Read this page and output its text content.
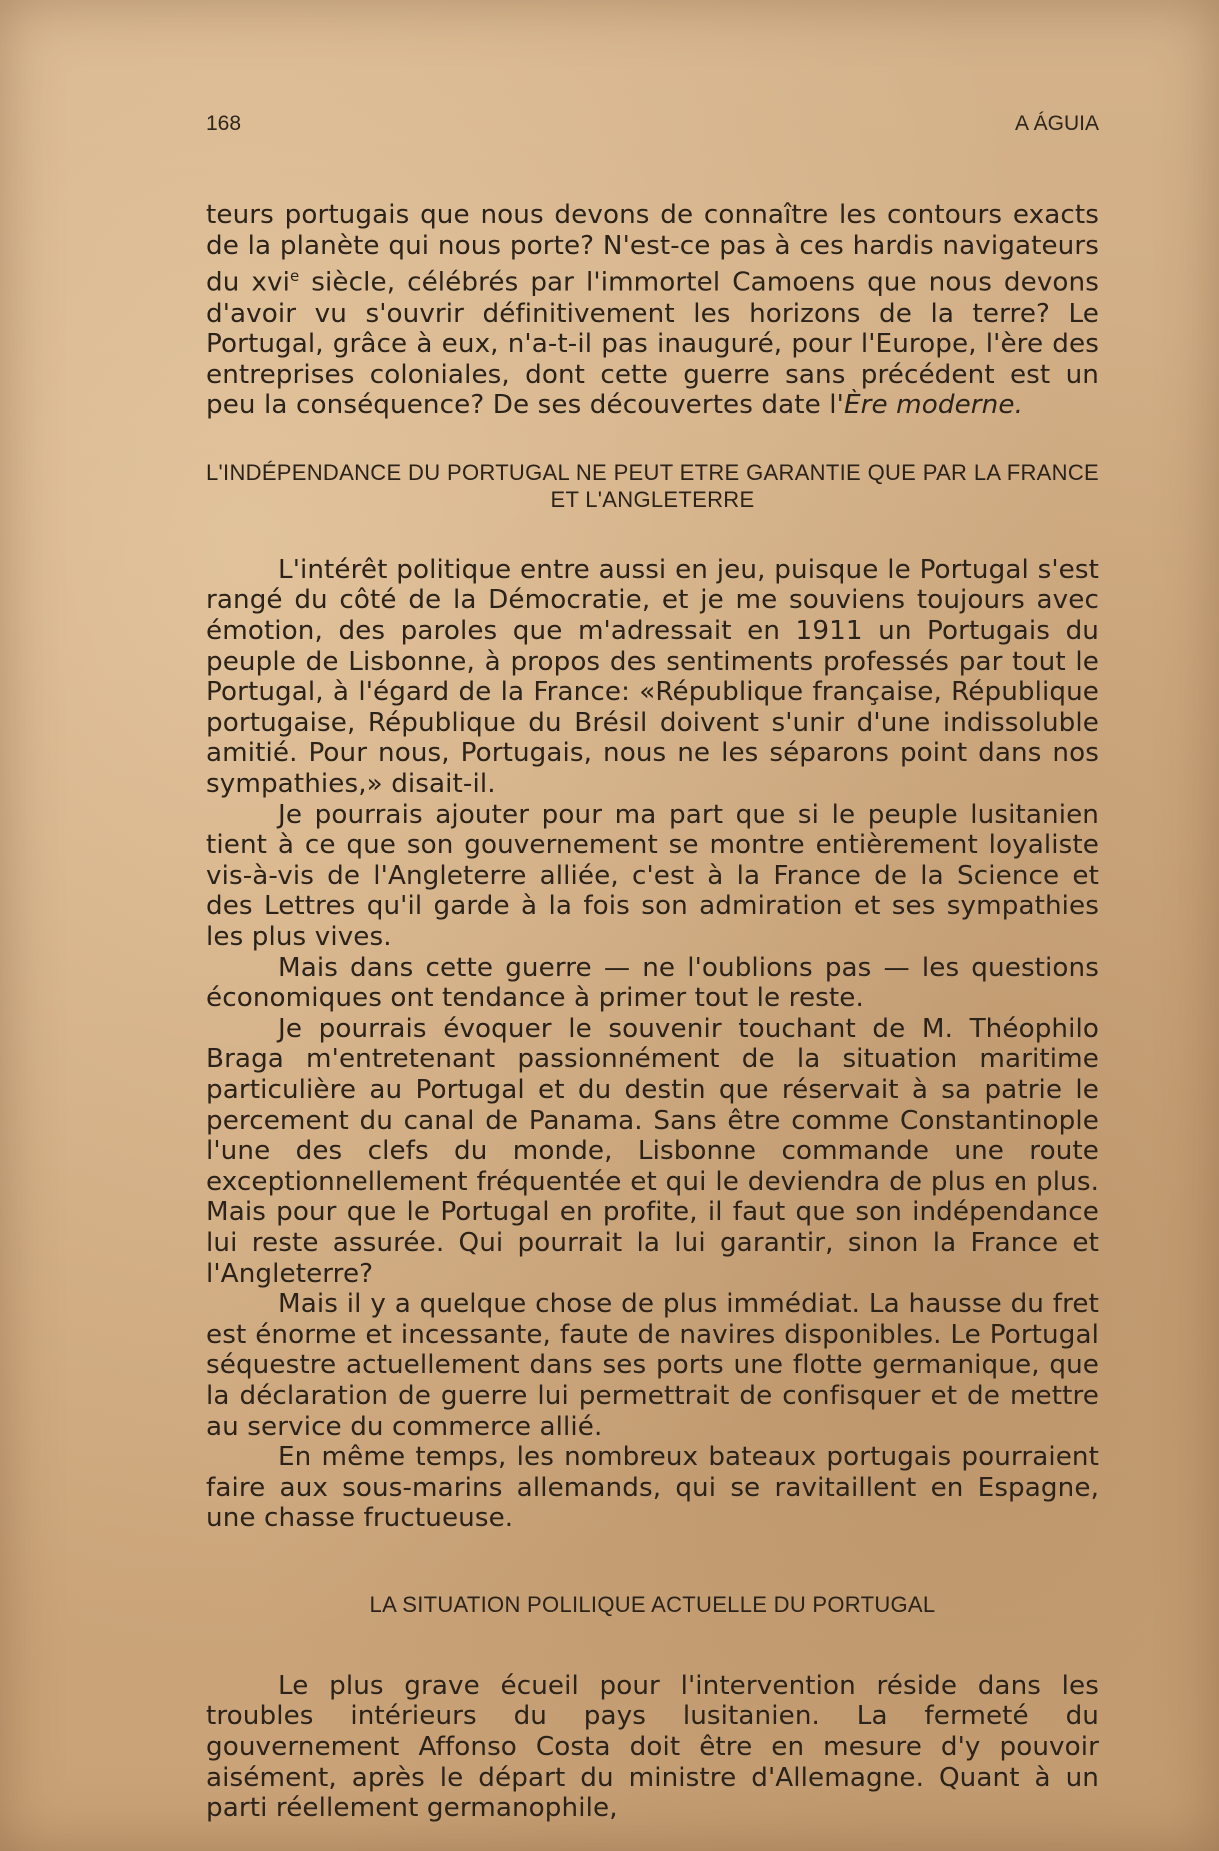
168	A ÁGUIA

teurs portugais que nous devons de connaître les contours exacts de la planète qui nous porte? N'est-ce pas à ces hardis navigateurs du xvi$^e$ siècle, célébrés par l'immortel Camoens que nous devons d'avoir vu s'ouvrir définitivement les horizons de la terre? Le Portugal, grâce à eux, n'a-t-il pas inauguré, pour l'Europe, l'ère des entreprises coloniales, dont cette guerre sans précédent est un peu la conséquence? De ses découvertes date l'Ère moderne.

L'INDÉPENDANCE DU PORTUGAL NE PEUT ETRE GARANTIE QUE PAR LA FRANCE ET L'ANGLETERRE

L'intérêt politique entre aussi en jeu, puisque le Portugal s'est rangé du côté de la Démocratie, et je me souviens toujours avec émotion, des paroles que m'adressait en 1911 un Portugais du peuple de Lisbonne, à propos des sentiments professés par tout le Portugal, à l'égard de la France: «République française, République portugaise, République du Brésil doivent s'unir d'une indissoluble amitié. Pour nous, Portugais, nous ne les séparons point dans nos sympathies,» disait-il.

Je pourrais ajouter pour ma part que si le peuple lusitanien tient à ce que son gouvernement se montre entièrement loyaliste vis-à-vis de l'Angleterre alliée, c'est à la France de la Science et des Lettres qu'il garde à la fois son admiration et ses sympathies les plus vives.

Mais dans cette guerre — ne l'oublions pas — les questions économiques ont tendance à primer tout le reste.

Je pourrais évoquer le souvenir touchant de M. Théophilo Braga m'entretenant passionnément de la situation maritime particulière au Portugal et du destin que réservait à sa patrie le percement du canal de Panama. Sans être comme Constantinople l'une des clefs du monde, Lisbonne commande une route exceptionnellement fréquentée et qui le deviendra de plus en plus. Mais pour que le Portugal en profite, il faut que son indépendance lui reste assurée. Qui pourrait la lui garantir, sinon la France et l'Angleterre?

Mais il y a quelque chose de plus immédiat. La hausse du fret est énorme et incessante, faute de navires disponibles. Le Portugal séquestre actuellement dans ses ports une flotte germanique, que la déclaration de guerre lui permettrait de confisquer et de mettre au service du commerce allié.

En même temps, les nombreux bateaux portugais pourraient faire aux sous-marins allemands, qui se ravitaillent en Espagne, une chasse fructueuse.

LA SITUATION POLILIQUE ACTUELLE DU PORTUGAL

Le plus grave écueil pour l'intervention réside dans les troubles intérieurs du pays lusitanien. La fermeté du gouvernement Affonso Costa doit être en mesure d'y pouvoir aisément, après le départ du ministre d'Allemagne. Quant à un parti réellement germanophile,
